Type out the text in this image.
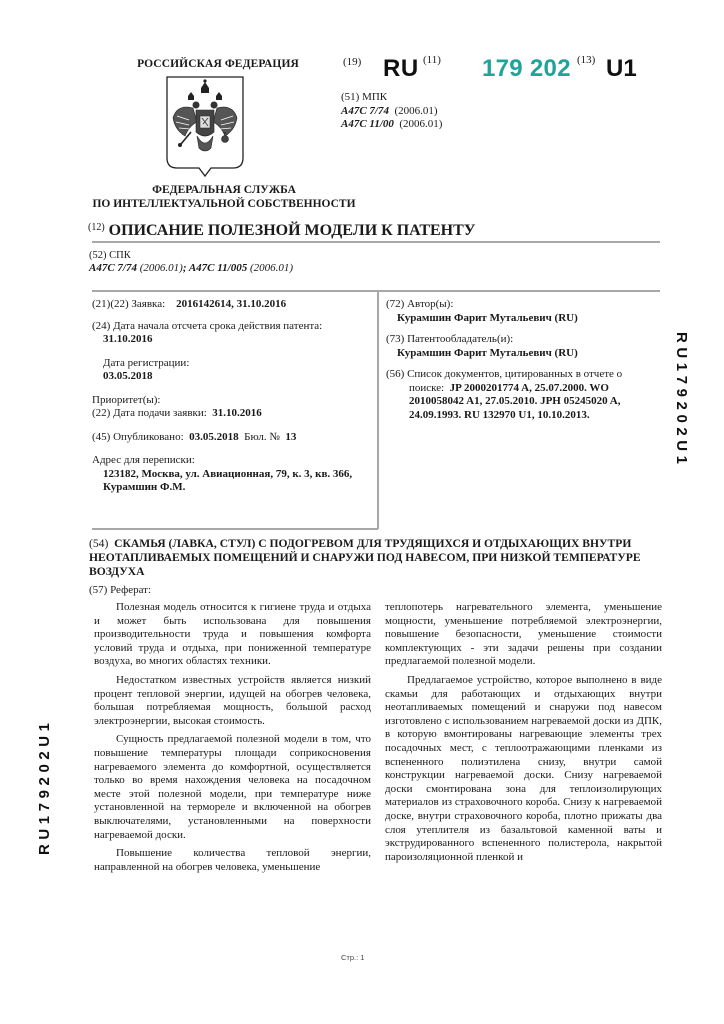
РОССИЙСКАЯ ФЕДЕРАЦИЯ
ФЕДЕРАЛЬНАЯ СЛУЖБА
ПО ИНТЕЛЛЕКТУАЛЬНОЙ СОБСТВЕННОСТИ
(19) RU (11) 179 202 (13) U1
(51) МПК
A47C 7/74 (2006.01)
A47C 11/00 (2006.01)
$^{(12)}$ ОПИСАНИЕ ПОЛЕЗНОЙ МОДЕЛИ К ПАТЕНТУ
(52) СПК
A47C 7/74 (2006.01); A47C 11/005 (2006.01)
(21)(22) Заявка: 2016142614, 31.10.2016
(24) Дата начала отсчета срока действия патента:
31.10.2016
Дата регистрации:
03.05.2018
Приоритет(ы):
(22) Дата подачи заявки: 31.10.2016
(45) Опубликовано: 03.05.2018 Бюл. № 13
Адрес для переписки:
123182, Москва, ул. Авиационная, 79, к. 3, кв. 366,
Курамшин Ф.М.
(72) Автор(ы):
Курамшин Фарит Мутальевич (RU)
(73) Патентообладатель(и):
Курамшин Фарит Мутальевич (RU)
(56) Список документов, цитированных в отчете о поиске: JP 2000201774 A, 25.07.2000. WO 2010058042 A1, 27.05.2010. JPH 05245020 A, 24.09.1993. RU 132970 U1, 10.10.2013.	R U 1 7 9 2 0 2 U 1
R U 1 7 9 2 0 2 U 1
(54) СКАМЬЯ (ЛАВКА, СТУЛ) С ПОДОГРЕВОМ ДЛЯ ТРУДЯЩИХСЯ И ОТДЫХАЮЩИХ ВНУТРИ НЕОТАПЛИВАЕМЫХ ПОМЕЩЕНИЙ И СНАРУЖИ ПОД НАВЕСОМ, ПРИ НИЗКОЙ ТЕМПЕРАТУРЕ ВОЗДУХА
(57) Реферат:

Полезная модель относится к гигиене труда и отдыха и может быть использована для повышения производительности труда и повышения комфорта условий труда и отдыха, при пониженной температуре воздуха, во многих областях техники.

Недостатком известных устройств является низкий процент тепловой энергии, идущей на обогрев человека, большая потребляемая мощность, большой расход электроэнергии, высокая стоимость.

Сущность предлагаемой полезной модели в том, что повышение температуры площади соприкосновения нагреваемого элемента до комфортной, осуществляется только во время нахождения человека на посадочном месте этой полезной модели, при температуре ниже установленной на термореле и включенной на обогрев выключателями, установленными на поверхности нагреваемой доски.

Повышение количества тепловой энергии, направленной на обогрев человека, уменьшение

теплопотерь нагревательного элемента, уменьшение мощности, уменьшение потребляемой электроэнергии, повышение безопасности, уменьшение стоимости комплектующих - эти задачи решены при создании предлагаемой полезной модели.

Предлагаемое устройство, которое выполнено в виде скамьи для работающих и отдыхающих внутри неотапливаемых помещений и снаружи под навесом изготовлено с использованием нагреваемой доски из ДПК, в которую вмонтированы нагревающие элементы трех посадочных мест, с теплоотражающими пленками из вспененного полиэтилена снизу, внутри самой конструкции нагреваемой доски. Снизу нагреваемой доски смонтирована зона для теплоизолирующих материалов из страховочного короба. Снизу к нагреваемой доске, внутри страховочного короба, плотно прижаты два слоя утеплителя из базальтовой каменной ваты и экструдированного вспененного полистерола, накрытой пароизоляционной пленкой и

Стр.: 1
